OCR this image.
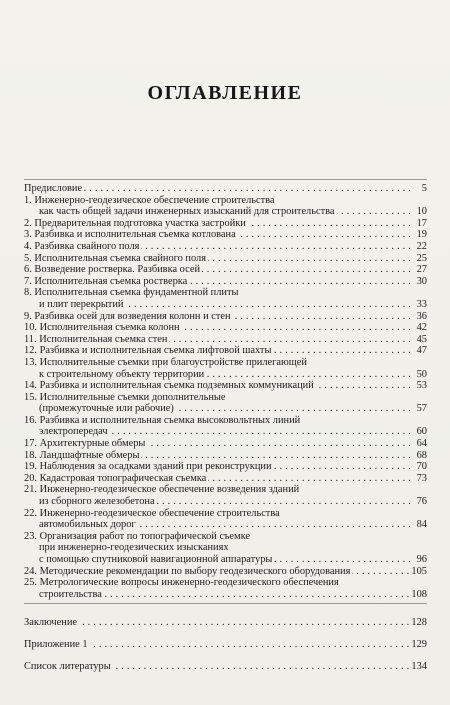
ОГЛАВЛЕНИЕ
Предисловие . . .	5
1. Инженерно-геодезическое обеспечение строительства
как часть общей задачи инженерных изысканий для строительства . . .	10
2. Предварительная подготовка участка застройки . . .	17
3. Разбивка и исполнительная съемка котлована . . .	19
4. Разбивка свайного поля . . .	22
5. Исполнительная съемка свайного поля . . .	25
6. Возведение ростверка. Разбивка осей . . .	27
7. Исполнительная съемка ростверка . . .	30
8. Исполнительная съемка фундаментной плиты
и плит перекрытий . . .	33
9. Разбивка осей для возведения колонн и стен . . .	36
10. Исполнительная съемка колонн . . .	42
11. Исполнительная съемка стен . . .	45
12. Разбивка и исполнительная съемка лифтовой шахты . . .	47
13. Исполнительные съемки при благоустройстве прилегающей
к строительному объекту территории . . .	50
14. Разбивка и исполнительная съемка подземных коммуникаций . . .	53
15. Исполнительные съемки дополнительные
(промежуточные или рабочие) . . .	57
16. Разбивка и исполнительная съемка высоковольтных линий
электропередач . . .	60
17. Архитектурные обмеры . . .	64
18. Ландшафтные обмеры . . .	68
19. Наблюдения за осадками зданий при реконструкции . . .	70
20. Кадастровая топографическая съемка . . .	73
21. Инженерно-геодезическое обеспечение возведения зданий
из сборного железобетона . . .	76
22. Инженерно-геодезическое обеспечение строительства
автомобильных дорог . . .	84
23. Организация работ по топографической съемке
при инженерно-геодезических изысканиях
с помощью спутниковой навигационной аппаратуры . . .	96
24. Методические рекомендации по выбору геодезического оборудования . . .	105
25. Метрологические вопросы инженерно-геодезического обеспечения
строительства . . .	108
Заключение . . .	128
Приложение 1 . . .	129
Список литературы . . .	134
